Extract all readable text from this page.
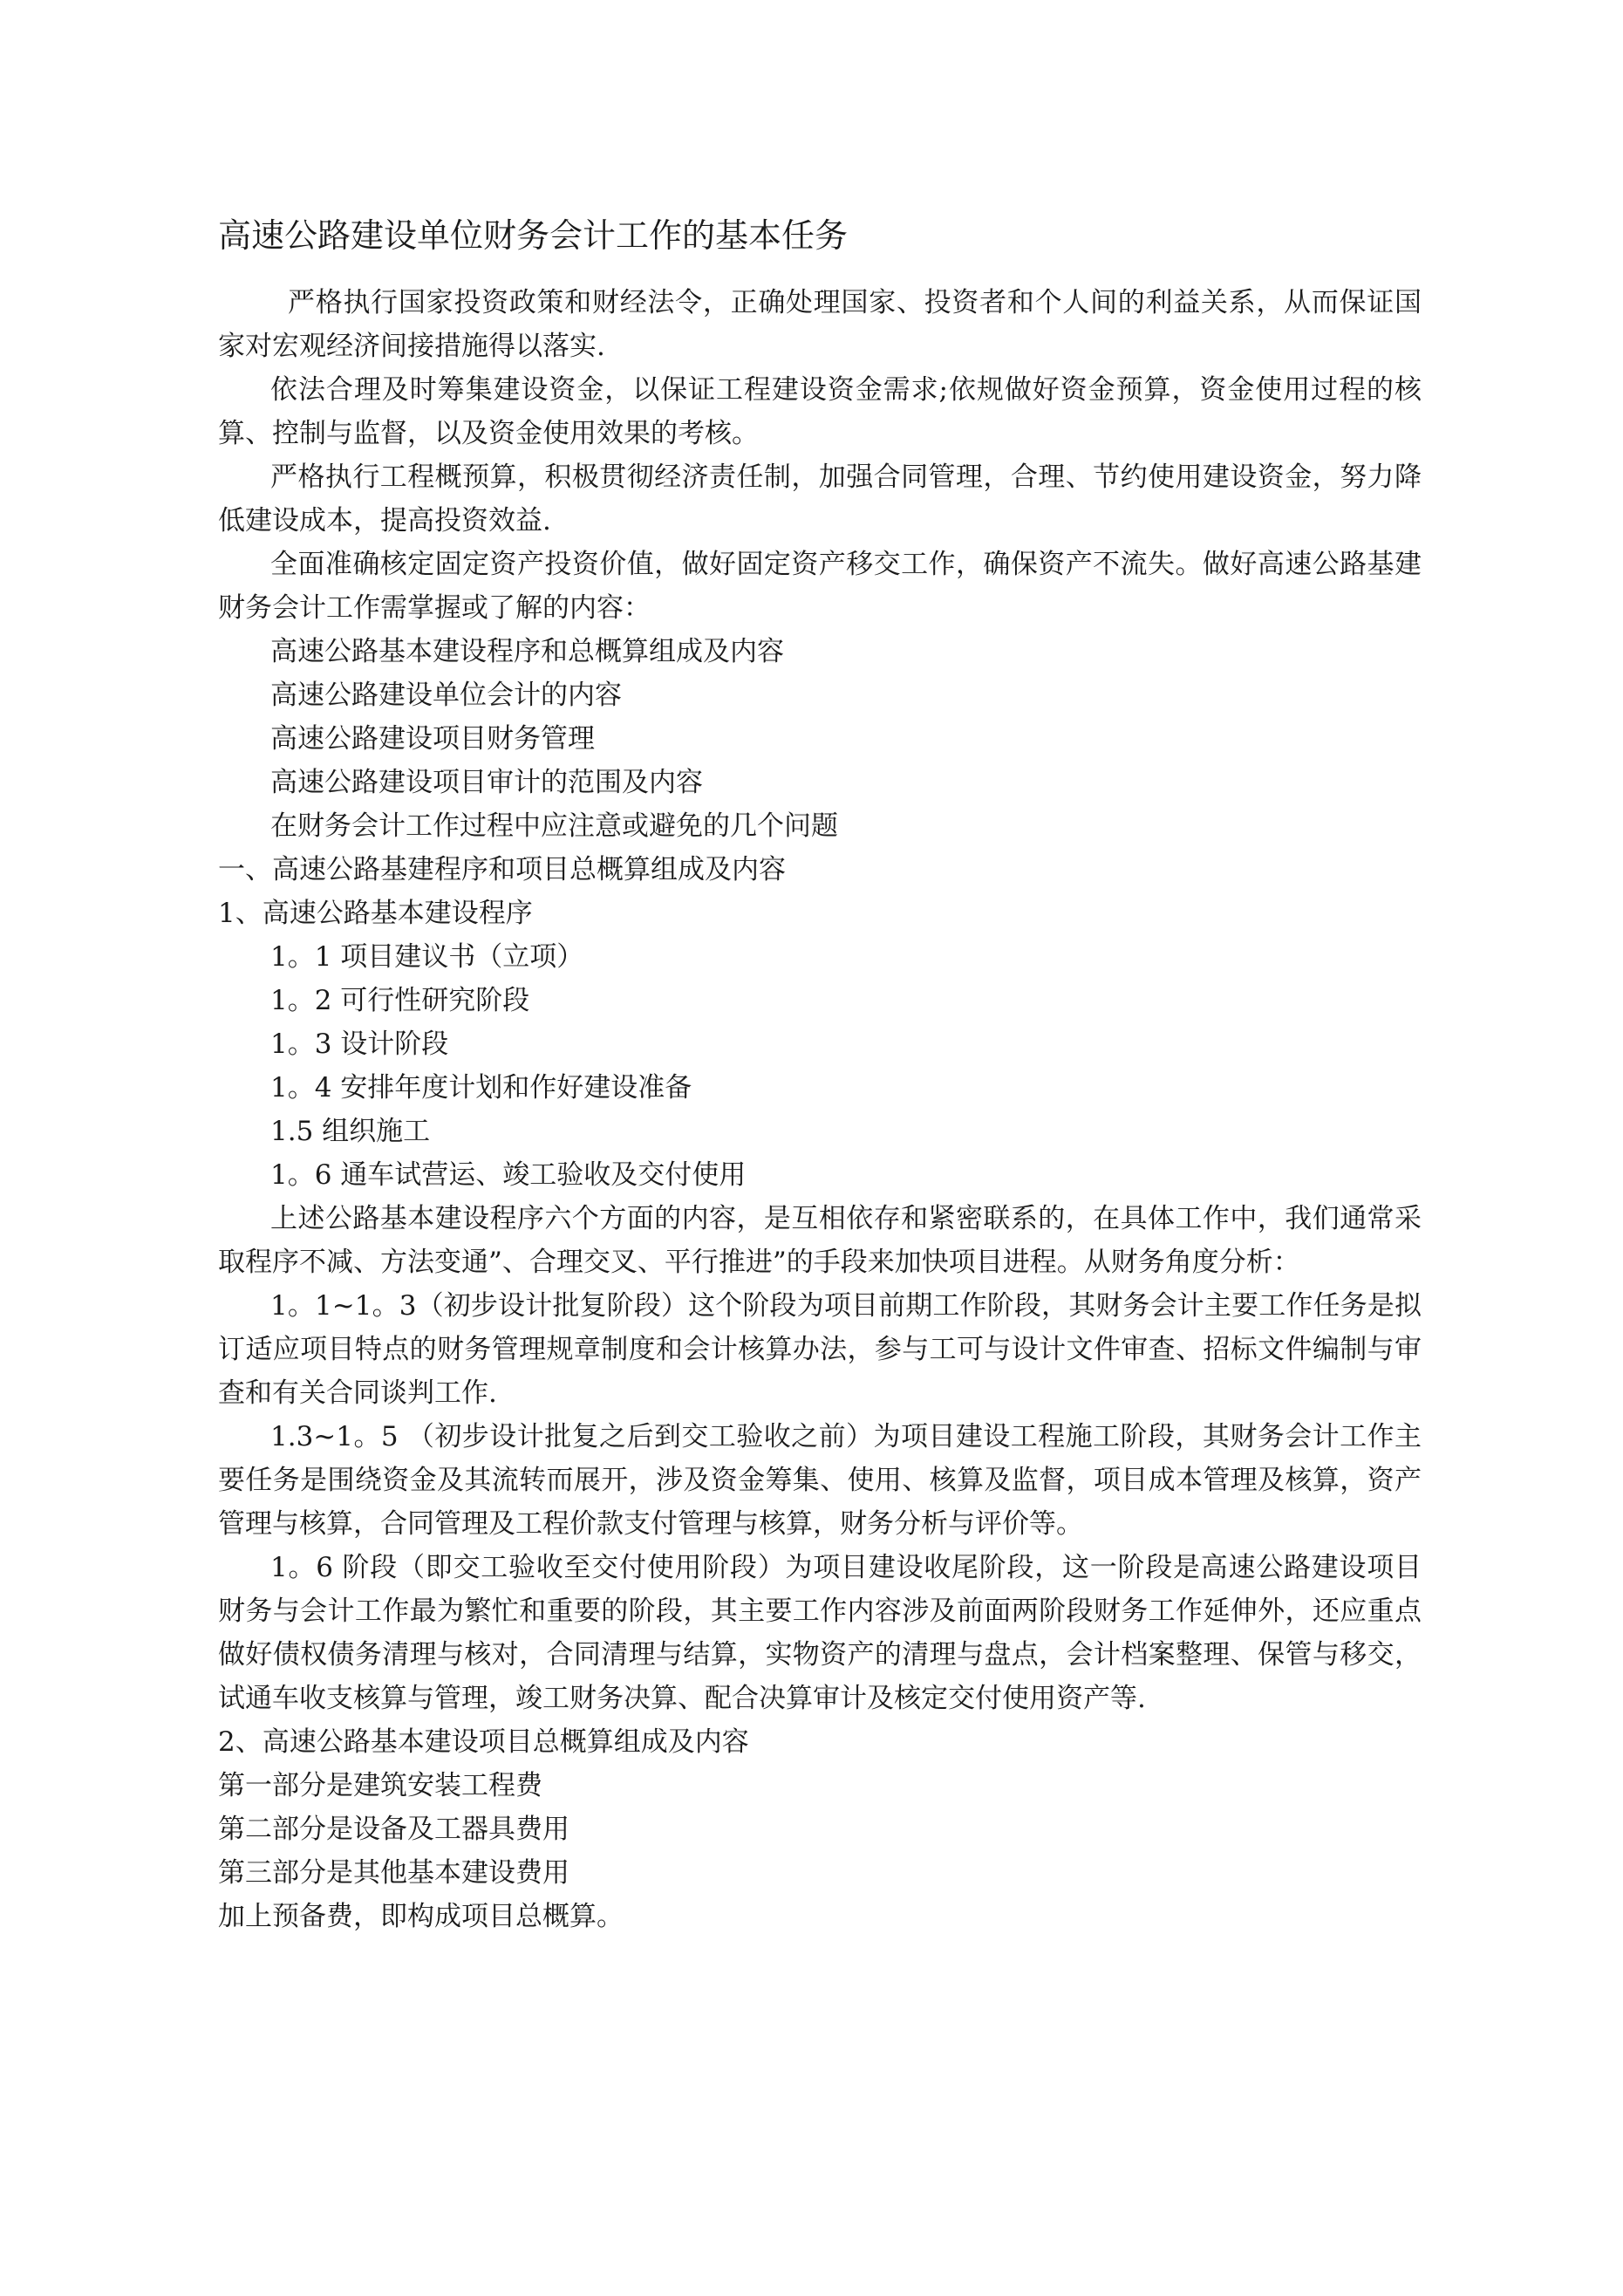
高速公路建设单位财务会计工作的基本任务

严格执行国家投资政策和财经法令，正确处理国家、投资者和个人间的利益关系，从而保证国家对宏观经济间接措施得以落实.

依法合理及时筹集建设资金，以保证工程建设资金需求;依规做好资金预算，资金使用过程的核算、控制与监督，以及资金使用效果的考核。

严格执行工程概预算，积极贯彻经济责任制，加强合同管理，合理、节约使用建设资金，努力降低建设成本，提高投资效益.

全面准确核定固定资产投资价值，做好固定资产移交工作，确保资产不流失。做好高速公路基建财务会计工作需掌握或了解的内容：

高速公路基本建设程序和总概算组成及内容

高速公路建设单位会计的内容

高速公路建设项目财务管理

高速公路建设项目审计的范围及内容

在财务会计工作过程中应注意或避免的几个问题

一、高速公路基建程序和项目总概算组成及内容

1、高速公路基本建设程序

1。1 项目建议书（立项）

1。2 可行性研究阶段

1。3 设计阶段

1。4 安排年度计划和作好建设准备

1.5 组织施工

1。6 通车试营运、竣工验收及交付使用

上述公路基本建设程序六个方面的内容，是互相依存和紧密联系的，在具体工作中，我们通常采取程序不减、方法变通”、合理交叉、平行推进”的手段来加快项目进程。从财务角度分析：

1。1~1。3（初步设计批复阶段）这个阶段为项目前期工作阶段，其财务会计主要工作任务是拟订适应项目特点的财务管理规章制度和会计核算办法，参与工可与设计文件审查、招标文件编制与审查和有关合同谈判工作.

1.3~1。5 （初步设计批复之后到交工验收之前）为项目建设工程施工阶段，其财务会计工作主要任务是围绕资金及其流转而展开，涉及资金筹集、使用、核算及监督，项目成本管理及核算，资产管理与核算，合同管理及工程价款支付管理与核算，财务分析与评价等。

1。6 阶段（即交工验收至交付使用阶段）为项目建设收尾阶段，这一阶段是高速公路建设项目财务与会计工作最为繁忙和重要的阶段，其主要工作内容涉及前面两阶段财务工作延伸外，还应重点做好债权债务清理与核对，合同清理与结算，实物资产的清理与盘点，会计档案整理、保管与移交，试通车收支核算与管理，竣工财务决算、配合决算审计及核定交付使用资产等.

2、高速公路基本建设项目总概算组成及内容

第一部分是建筑安装工程费

第二部分是设备及工器具费用

第三部分是其他基本建设费用

加上预备费，即构成项目总概算。
